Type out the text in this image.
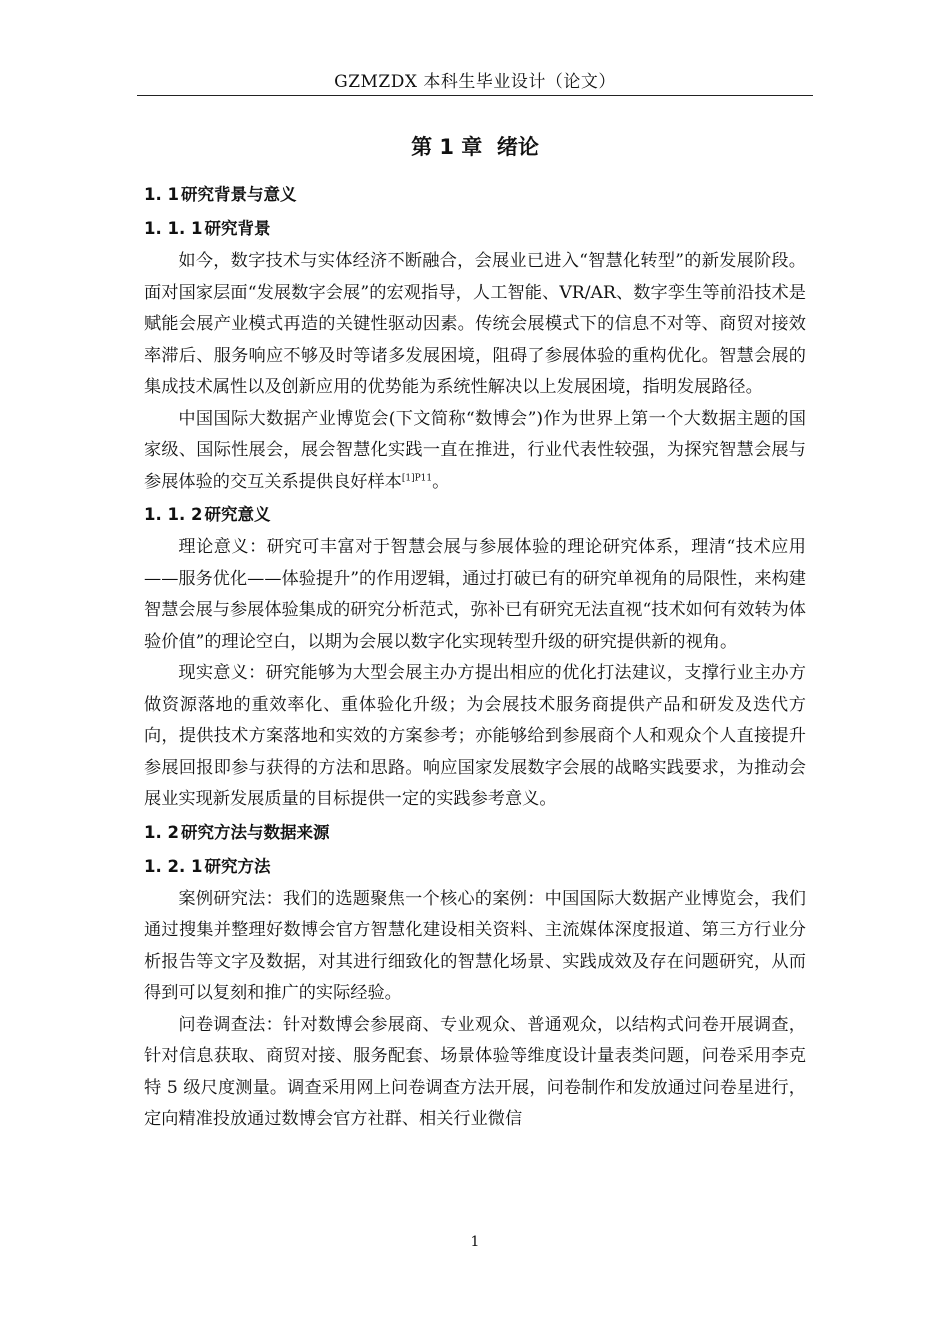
GZMZDX 本科生毕业设计（论文）
第 1 章 绪论
1. 1 研究背景与意义
1. 1. 1 研究背景

如今，数字技术与实体经济不断融合，会展业已进入“智慧化转型”的新发展阶段。面对国家层面“发展数字会展”的宏观指导，人工智能、VR/AR、数字孪生等前沿技术是赋能会展产业模式再造的关键性驱动因素。传统会展模式下的信息不对等、商贸对接效率滞后、服务响应不够及时等诸多发展困境，阻碍了参展体验的重构优化。智慧会展的集成技术属性以及创新应用的优势能为系统性解决以上发展困境，指明发展路径。

中国国际大数据产业博览会(下文简称“数博会”)作为世界上第一个大数据主题的国家级、国际性展会，展会智慧化实践一直在推进，行业代表性较强，为探究智慧会展与参展体验的交互关系提供良好样本$^{[1]P11}$。

1. 1. 2 研究意义

理论意义：研究可丰富对于智慧会展与参展体验的理论研究体系，理清“技术应用——服务优化——体验提升”的作用逻辑，通过打破已有的研究单视角的局限性，来构建智慧会展与参展体验集成的研究分析范式，弥补已有研究无法直视“技术如何有效转为体验价值”的理论空白，以期为会展以数字化实现转型升级的研究提供新的视角。

现实意义：研究能够为大型会展主办方提出相应的优化打法建议，支撑行业主办方做资源落地的重效率化、重体验化升级；为会展技术服务商提供产品和研发及迭代方向，提供技术方案落地和实效的方案参考；亦能够给到参展商个人和观众个人直接提升参展回报即参与获得的方法和思路。响应国家发展数字会展的战略实践要求，为推动会展业实现新发展质量的目标提供一定的实践参考意义。

1. 2 研究方法与数据来源
1. 2. 1 研究方法

案例研究法：我们的选题聚焦一个核心的案例：中国国际大数据产业博览会，我们通过搜集并整理好数博会官方智慧化建设相关资料、主流媒体深度报道、第三方行业分析报告等文字及数据，对其进行细致化的智慧化场景、实践成效及存在问题研究，从而得到可以复刻和推广的实际经验。

问卷调查法：针对数博会参展商、专业观众、普通观众，以结构式问卷开展调查，针对信息获取、商贸对接、服务配套、场景体验等维度设计量表类问题，问卷采用李克特 5 级尺度测量。调查采用网上问卷调查方法开展，问卷制作和发放通过问卷星进行，定向精准投放通过数博会官方社群、相关行业微信

1
